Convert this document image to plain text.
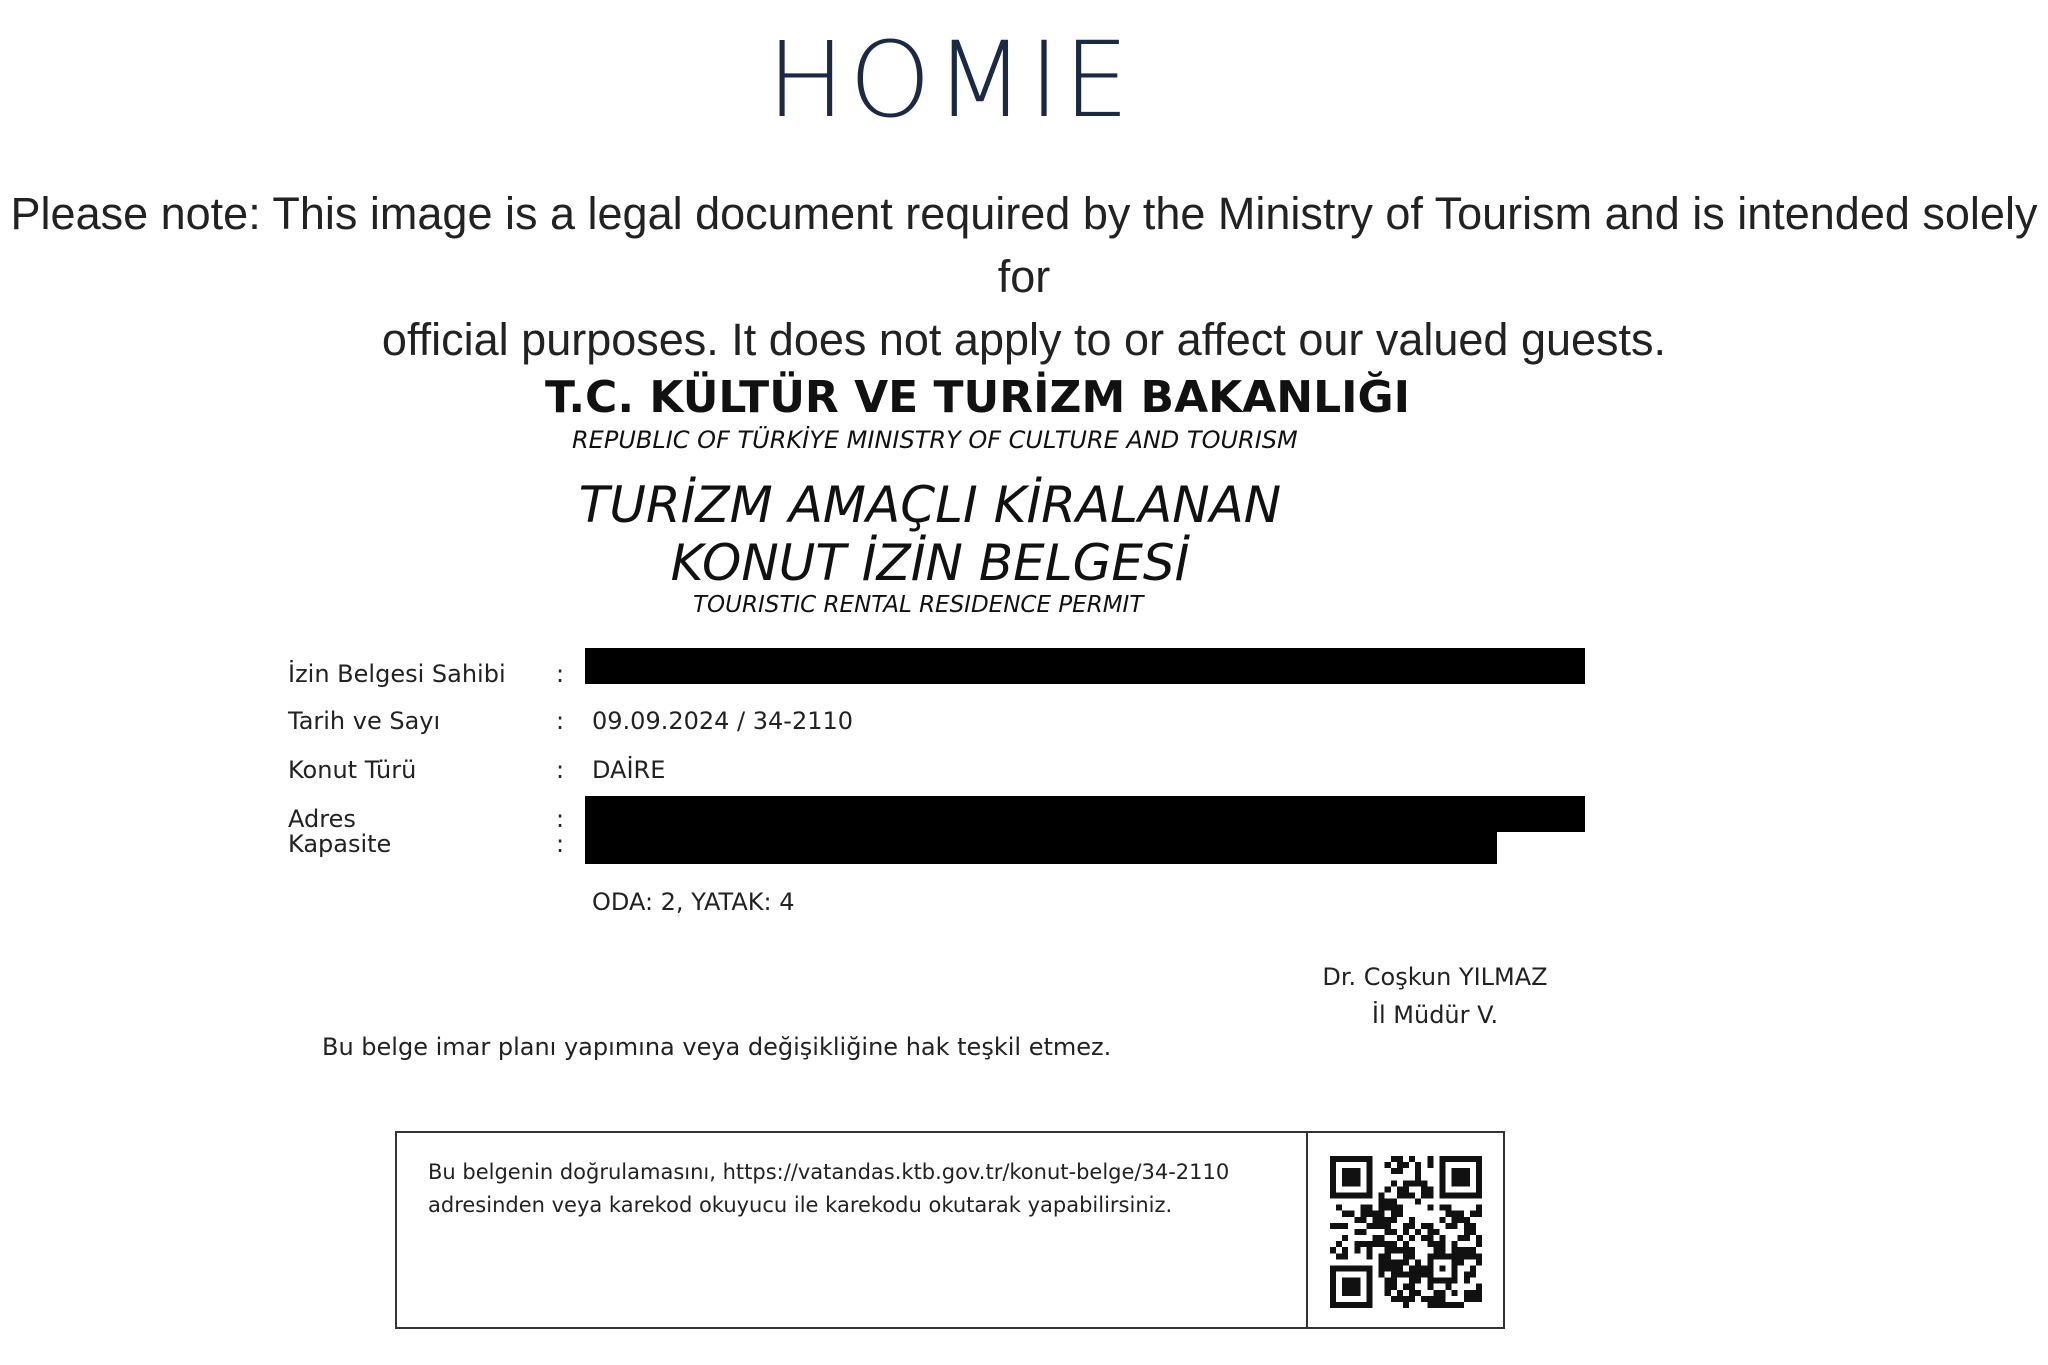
HOMIE
Please note: This image is a legal document required by the Ministry of Tourism and is intended solely for
official purposes. It does not apply to or affect our valued guests.
T.C. KÜLTÜR VE TURİZM BAKANLIĞI
REPUBLIC OF TÜRKİYE MINISTRY OF CULTURE AND TOURISM
TURİZM AMAÇLI KİRALANAN
KONUT İZİN BELGESİ
TOURISTIC RENTAL RESIDENCE PERMIT
İzin Belgesi Sahibi :
Tarih ve Sayı	: 09.09.2024 / 34-2110
Konut Türü	: DAİRE
Adres	:
Kapasite	:
ODA: 2, YATAK: 4
Dr. Coşkun YILMAZ
İl Müdür V.
Bu belge imar planı yapımına veya değişikliğine hak teşkil etmez.
Bu belgenin doğrulamasını, https://vatandas.ktb.gov.tr/konut-belge/34-2110
adresinden veya karekod okuyucu ile karekodu okutarak yapabilirsiniz.
